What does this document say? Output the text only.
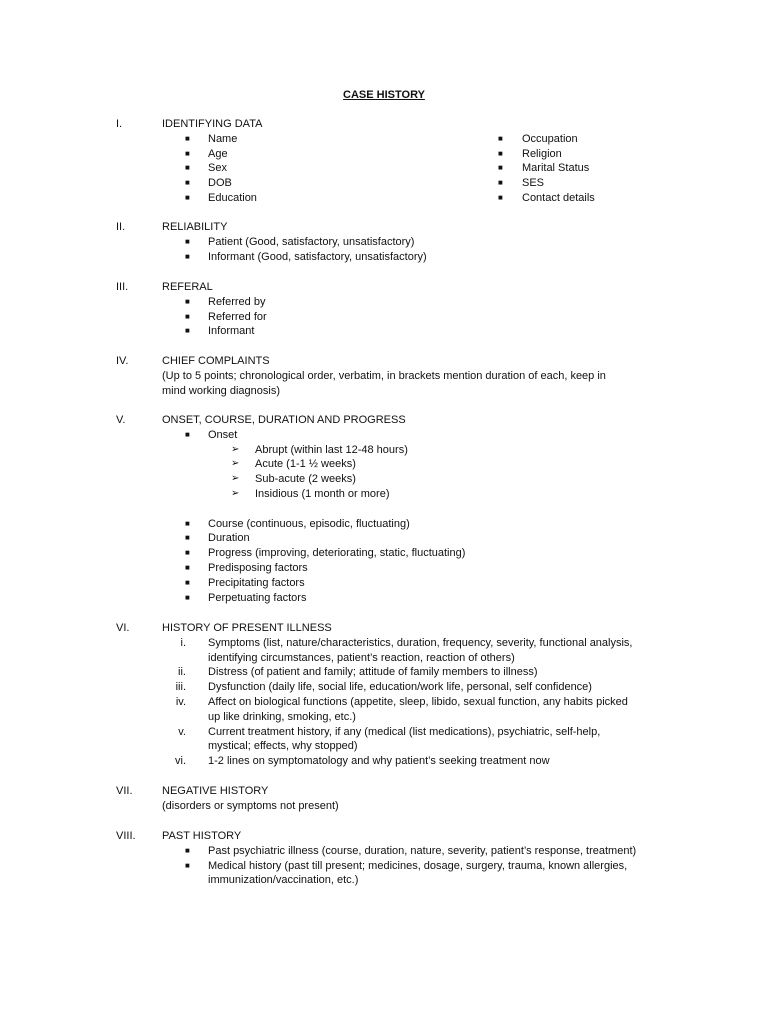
CASE HISTORY
I.	IDENTIFYING DATA
■ Name	■ Occupation
■ Age	■ Religion
■ Sex	■ Marital Status
■ DOB	■ SES
■ Education	■ Contact details
II.	RELIABILITY
■ Patient (Good, satisfactory, unsatisfactory)
■ Informant (Good, satisfactory, unsatisfactory)
III.	REFERAL
■ Referred by
■ Referred for
■ Informant
IV.	CHIEF COMPLAINTS
(Up to 5 points; chronological order, verbatim, in brackets mention duration of each, keep in
mind working diagnosis)
V.	ONSET, COURSE, DURATION AND PROGRESS
■ Onset
➢ Abrupt (within last 12-48 hours)
➢ Acute (1-1 ½ weeks)
➢ Sub-acute (2 weeks)
➢ Insidious (1 month or more)
■ Course (continuous, episodic, fluctuating)
■ Duration
■ Progress (improving, deteriorating, static, fluctuating)
■ Predisposing factors
■ Precipitating factors
■ Perpetuating factors
VI.	HISTORY OF PRESENT ILLNESS
i. Symptoms (list, nature/characteristics, duration, frequency, severity, functional analysis,
identifying circumstances, patient’s reaction, reaction of others)
ii. Distress (of patient and family; attitude of family members to illness)
iii. Dysfunction (daily life, social life, education/work life, personal, self confidence)
iv. Affect on biological functions (appetite, sleep, libido, sexual function, any habits picked
up like drinking, smoking, etc.)
v. Current treatment history, if any (medical (list medications), psychiatric, self-help,
mystical; effects, why stopped)
vi. 1-2 lines on symptomatology and why patient’s seeking treatment now
VII.	NEGATIVE HISTORY
(disorders or symptoms not present)
VIII. PAST HISTORY
■ Past psychiatric illness (course, duration, nature, severity, patient’s response, treatment)
■ Medical history (past till present; medicines, dosage, surgery, trauma, known allergies,
immunization/vaccination, etc.)
